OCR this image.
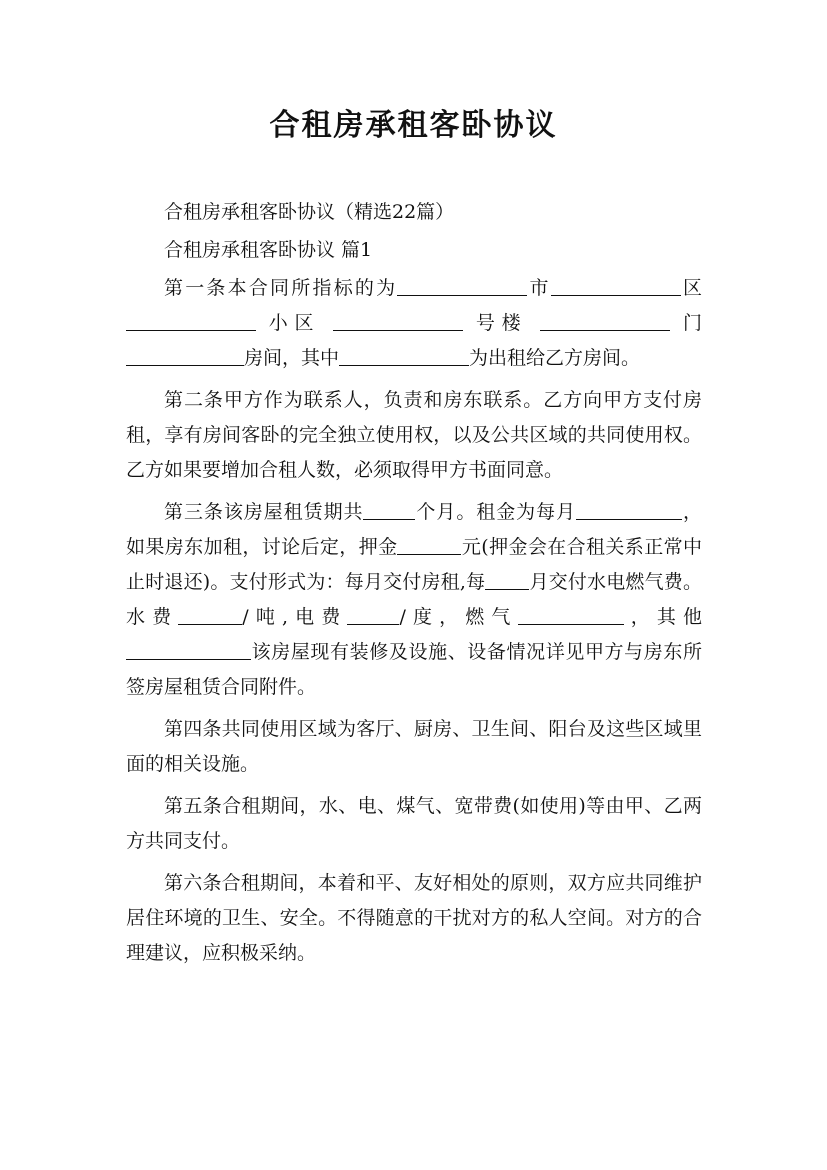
合租房承租客卧协议

合租房承租客卧协议（精选22篇）

合租房承租客卧协议 篇1

第一条本合同所指标的为	市	区  小区	号楼	门 房间，其中	为出租给乙方房间。

第二条甲方作为联系人，负责和房东联系。乙方向甲方支付房租，享有房间客卧的完全独立使用权，以及公共区域的共同使用权。乙方如果要增加合租人数，必须取得甲方书面同意。

第三条该房屋租赁期共	个月。租金为每月	，如果房东加租，讨论后定，押金	元(押金会在合租关系正常中止时退还)。支付形式为：每月交付房租,每 月交付水电燃气费。水费	/吨,电费	/度，燃气	，其他该房屋现有装修及设施、设备情况详见甲方与房东所签房屋租赁合同附件。

第四条共同使用区域为客厅、厨房、卫生间、阳台及这些区域里面的相关设施。

第五条合租期间，水、电、煤气、宽带费(如使用)等由甲、乙两方共同支付。

第六条合租期间，本着和平、友好相处的原则，双方应共同维护居住环境的卫生、安全。不得随意的干扰对方的私人空间。对方的合理建议，应积极采纳。
